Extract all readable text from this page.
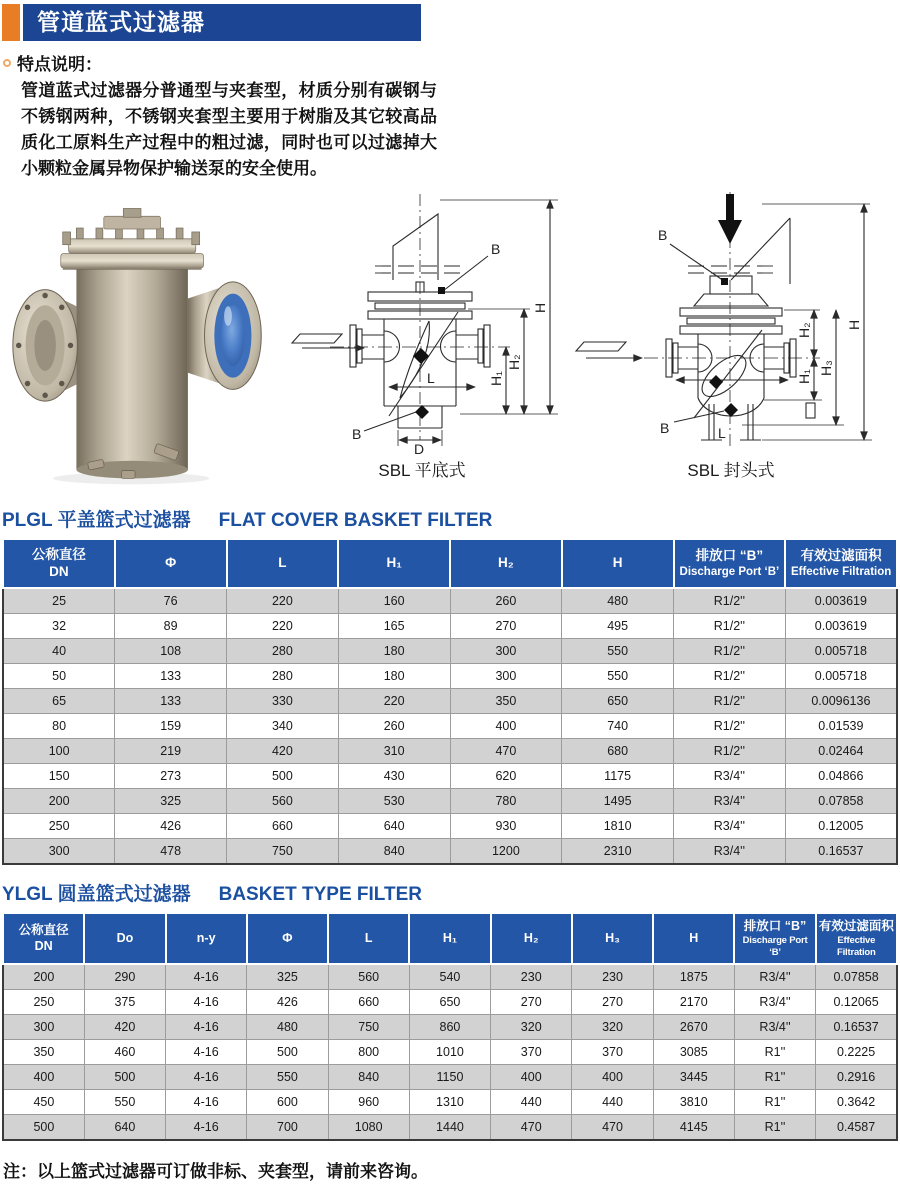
管道蓝式过滤器
特点说明：

管道蓝式过滤器分普通型与夹套型，材质分别有碳钢与不锈钢两种，不锈钢夹套型主要用于树脂及其它较高品质化工原料生产过程中的粗过滤，同时也可以过滤掉大小颗粒金属异物保护输送泵的安全使用。

B
B
L
D
H
H₂
H₁
SBL 平底式
B
B	L
H₂
H₁
H₃
H
SBL 封头式
PLGL 平盖篮式过滤器 FLAT COVER BASKET FILTER
公称直径
DN

Φ	L	H₁	H₂	H	排放口 “B”
Discharge Port ‘B’

有效过滤面积
Effective Filtration

25	76	220	160	260	480	R1/2''	0.003619
32	89	220	165	270	495	R1/2''	0.003619
40	108	280	180	300	550	R1/2''	0.005718
50	133	280	180	300	550	R1/2''	0.005718
65	133	330	220	350	650	R1/2''	0.0096136
80	159	340	260	400	740	R1/2''	0.01539
100	219	420	310	470	680	R1/2''	0.02464
150	273	500	430	620	1175	R3/4''	0.04866
200	325	560	530	780	1495	R3/4''	0.07858
250	426	660	640	930	1810	R3/4''	0.12005
300	478	750	840	1200	2310	R3/4''	0.16537
YLGL 圆盖篮式过滤器 BASKET TYPE FILTER
公称直径
DN

Do	n-y	Φ	L	H₁	H₂	H₃	H

排放口 “B”
Discharge Port ‘B’

有效过滤面积
Effective Filtration

200	290	4-16	325	560	540	230	230	1875	R3/4''	0.07858
250	375	4-16	426	660	650	270	270	2170	R3/4''	0.12065
300	420	4-16	480	750	860	320	320	2670	R3/4''	0.16537
350	460	4-16	500	800	1010	370	370	3085	R1''	0.2225
400	500	4-16	550	840	1150	400	400	3445	R1''	0.2916
450	550	4-16	600	960	1310	440	440	3810	R1''	0.3642
500	640	4-16	700	1080	1440	470	470	4145	R1''	0.4587

注：以上篮式过滤器可订做非标、夹套型，请前来咨询。
